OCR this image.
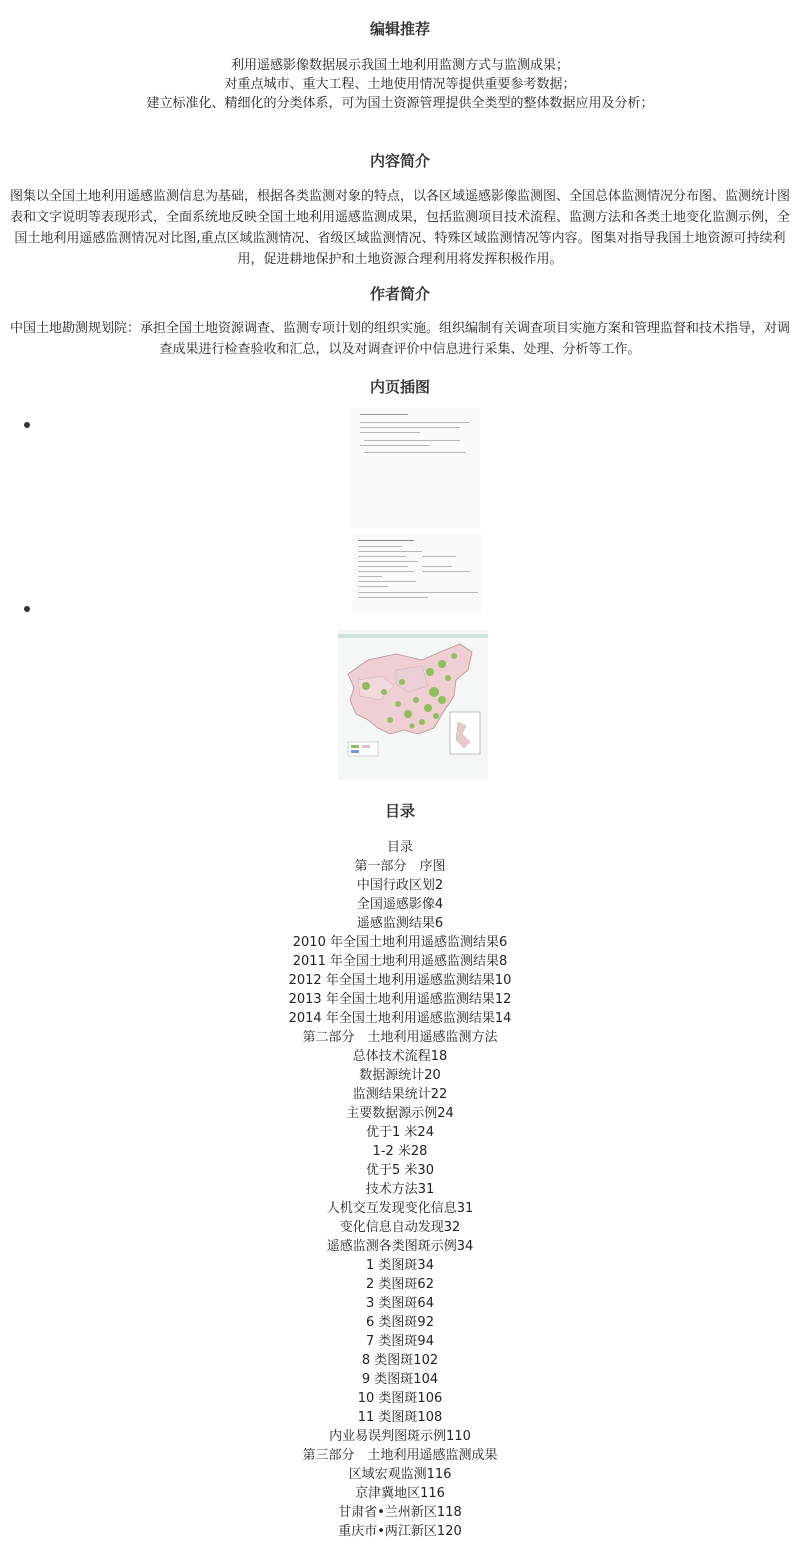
编辑推荐
利用遥感影像数据展示我国土地利用监测方式与监测成果；
对重点城市、重大工程、土地使用情况等提供重要参考数据；
建立标准化、精细化的分类体系，可为国土资源管理提供全类型的整体数据应用及分析；
内容简介

图集以全国土地利用遥感监测信息为基础，根据各类监测对象的特点，以各区域遥感影像监测图、全国总体监测情况分布图、监测统计图表和文字说明等表现形式，全面系统地反映全国土地利用遥感监测成果，包括监测项目技术流程、监测方法和各类土地变化监测示例，全国土地利用遥感监测情况对比图,重点区域监测情况、省级区域监测情况、特殊区域监测情况等内容。图集对指导我国土地资源可持续利用，促进耕地保护和土地资源合理利用将发挥积极作用。

作者简介

中国土地勘测规划院：承担全国土地资源调查、监测专项计划的组织实施。组织编制有关调查项目实施方案和管理监督和技术指导，对调查成果进行检查验收和汇总，以及对调查评价中信息进行采集、处理、分析等工作。

内页插图
目录
目录
第一部分　序图
中国行政区划2
全国遥感影像4
遥感监测结果6
2010 年全国土地利用遥感监测结果6
2011 年全国土地利用遥感监测结果8
2012 年全国土地利用遥感监测结果10
2013 年全国土地利用遥感监测结果12
2014 年全国土地利用遥感监测结果14
第二部分　土地利用遥感监测方法
总体技术流程18
数据源统计20
监测结果统计22
主要数据源示例24
优于1 米24
1-2 米28
优于5 米30
技术方法31
人机交互发现变化信息31
变化信息自动发现32
遥感监测各类图斑示例34
1 类图斑34
2 类图斑62
3 类图斑64
6 类图斑92
7 类图斑94
8 类图斑102
9 类图斑104
10 类图斑106
11 类图斑108
内业易误判图斑示例110
第三部分　土地利用遥感监测成果
区域宏观监测116
京津冀地区116
甘肃省•兰州新区118
重庆市•两江新区120
